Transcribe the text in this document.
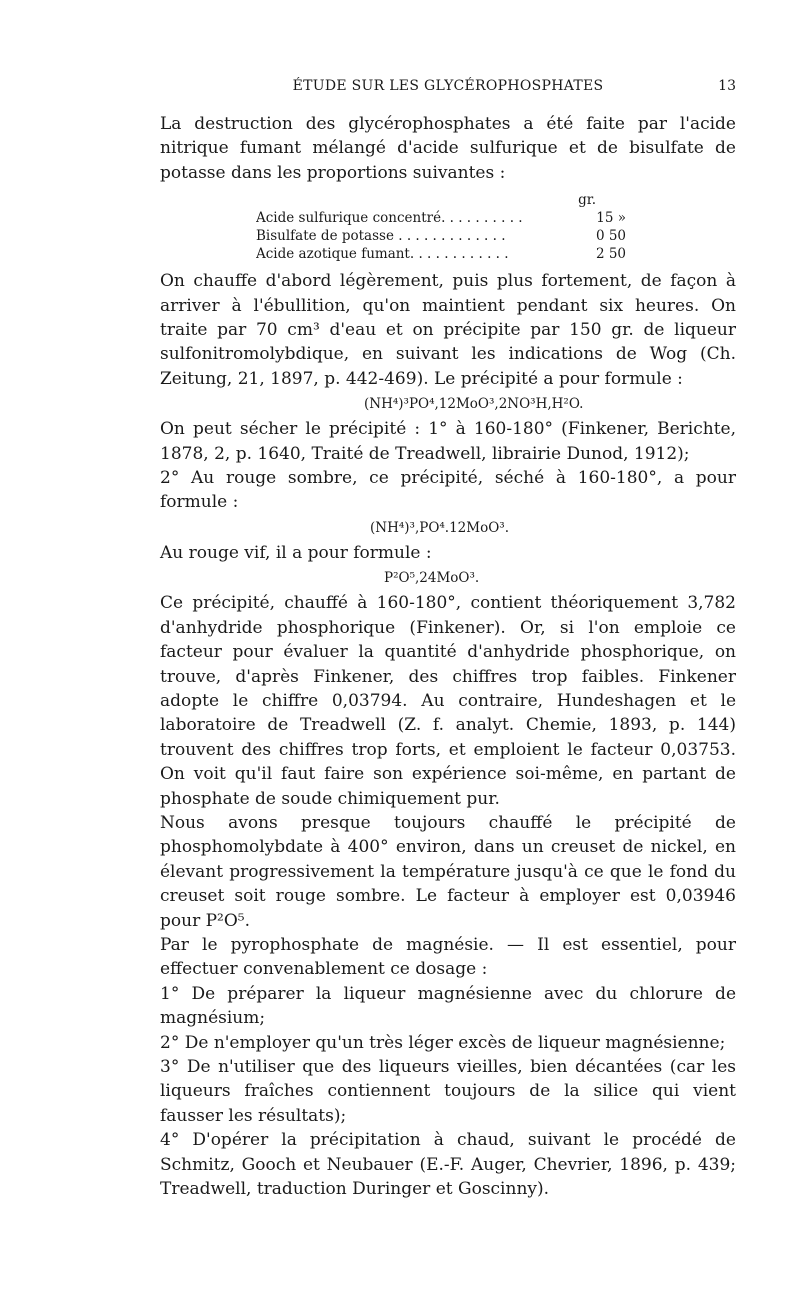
ÉTUDE SUR LES GLYCÉROPHOSPHATES	13

La destruction des glycérophosphates a été faite par l'acide nitrique fumant mélangé d'acide sulfurique et de bisulfate de potasse dans les proportions suivantes :

gr.
Acide sulfurique concentré. . . . . . . . . .	15 »
Bisulfate de potasse . . . . . . . . . . . . .	0 50
Acide azotique fumant. . . . . . . . . . . .	2 50

On chauffe d'abord légèrement, puis plus fortement, de façon à arriver à l'ébullition, qu'on maintient pendant six heures. On traite par 70 cm³ d'eau et on précipite par 150 gr. de liqueur sulfonitromolybdique, en suivant les indications de Wog (Ch. Zeitung, 21, 1897, p. 442-469). Le précipité a pour formule :

(NH⁴)³PO⁴,12MoO³,2NO³H,H²O.

On peut sécher le précipité : 1° à 160-180° (Finkener, Berichte, 1878, 2, p. 1640, Traité de Treadwell, librairie Dunod, 1912);

2° Au rouge sombre, ce précipité, séché à 160-180°, a pour formule :

(NH⁴)³,PO⁴.12MoO³.

Au rouge vif, il a pour formule :

P²O⁵,24MoO³.

Ce précipité, chauffé à 160-180°, contient théoriquement 3,782 d'anhydride phosphorique (Finkener). Or, si l'on emploie ce facteur pour évaluer la quantité d'anhydride phosphorique, on trouve, d'après Finkener, des chiffres trop faibles. Finkener adopte le chiffre 0,03794. Au contraire, Hundeshagen et le laboratoire de Treadwell (Z. f. analyt. Chemie, 1893, p. 144) trouvent des chiffres trop forts, et emploient le facteur 0,03753. On voit qu'il faut faire son expérience soi-même, en partant de phosphate de soude chimiquement pur.

Nous avons presque toujours chauffé le précipité de phosphomolybdate à 400° environ, dans un creuset de nickel, en élevant progressivement la température jusqu'à ce que le fond du creuset soit rouge sombre. Le facteur à employer est 0,03946 pour P²O⁵.

Par le pyrophosphate de magnésie. — Il est essentiel, pour effectuer convenablement ce dosage :

1° De préparer la liqueur magnésienne avec du chlorure de magnésium;

2° De n'employer qu'un très léger excès de liqueur magnésienne;

3° De n'utiliser que des liqueurs vieilles, bien décantées (car les liqueurs fraîches contiennent toujours de la silice qui vient fausser les résultats);

4° D'opérer la précipitation à chaud, suivant le procédé de Schmitz, Gooch et Neubauer (E.-F. Auger, Chevrier, 1896, p. 439; Treadwell, traduction Duringer et Goscinny).
